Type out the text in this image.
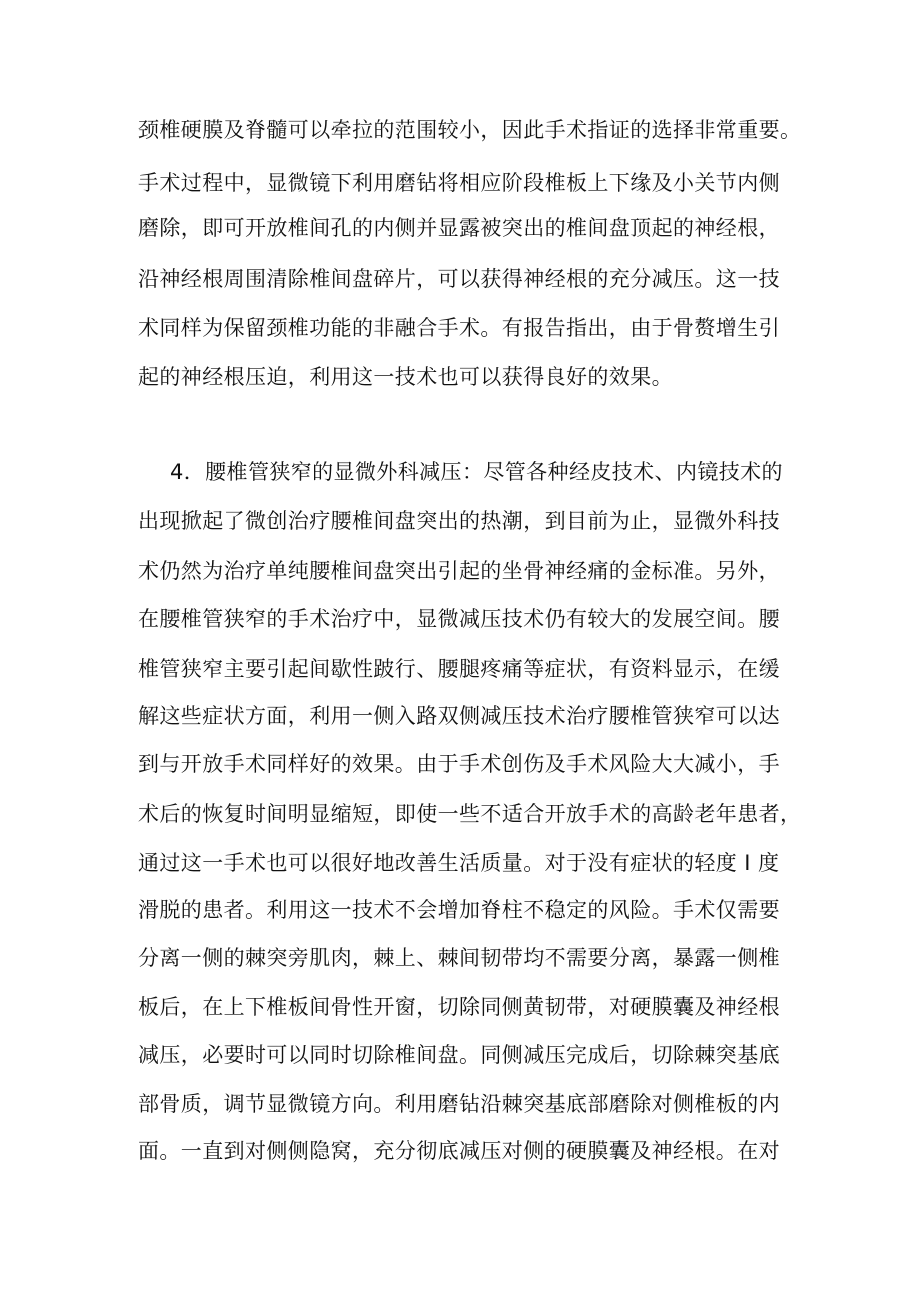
颈椎硬膜及脊髓可以牵拉的范围较小，因此手术指证的选择非常重要。
手术过程中，显微镜下利用磨钻将相应阶段椎板上下缘及小关节内侧
磨除，即可开放椎间孔的内侧并显露被突出的椎间盘顶起的神经根，
沿神经根周围清除椎间盘碎片，可以获得神经根的充分减压。这一技
术同样为保留颈椎功能的非融合手术。有报告指出，由于骨赘增生引
起的神经根压迫，利用这一技术也可以获得良好的效果。
4．腰椎管狭窄的显微外科减压：尽管各种经皮技术、内镜技术的
出现掀起了微创治疗腰椎间盘突出的热潮，到目前为止，显微外科技
术仍然为治疗单纯腰椎间盘突出引起的坐骨神经痛的金标准。另外，
在腰椎管狭窄的手术治疗中，显微减压技术仍有较大的发展空间。腰
椎管狭窄主要引起间歇性跛行、腰腿疼痛等症状，有资料显示，在缓
解这些症状方面，利用一侧入路双侧减压技术治疗腰椎管狭窄可以达
到与开放手术同样好的效果。由于手术创伤及手术风险大大减小，手
术后的恢复时间明显缩短，即使一些不适合开放手术的高龄老年患者，
通过这一手术也可以很好地改善生活质量。对于没有症状的轻度 I 度
滑脱的患者。利用这一技术不会增加脊柱不稳定的风险。手术仅需要
分离一侧的棘突旁肌肉，棘上、棘间韧带均不需要分离，暴露一侧椎
板后，在上下椎板间骨性开窗，切除同侧黄韧带，对硬膜囊及神经根
减压，必要时可以同时切除椎间盘。同侧减压完成后，切除棘突基底
部骨质，调节显微镜方向。利用磨钻沿棘突基底部磨除对侧椎板的内
面。一直到对侧侧隐窝，充分彻底减压对侧的硬膜囊及神经根。在对
